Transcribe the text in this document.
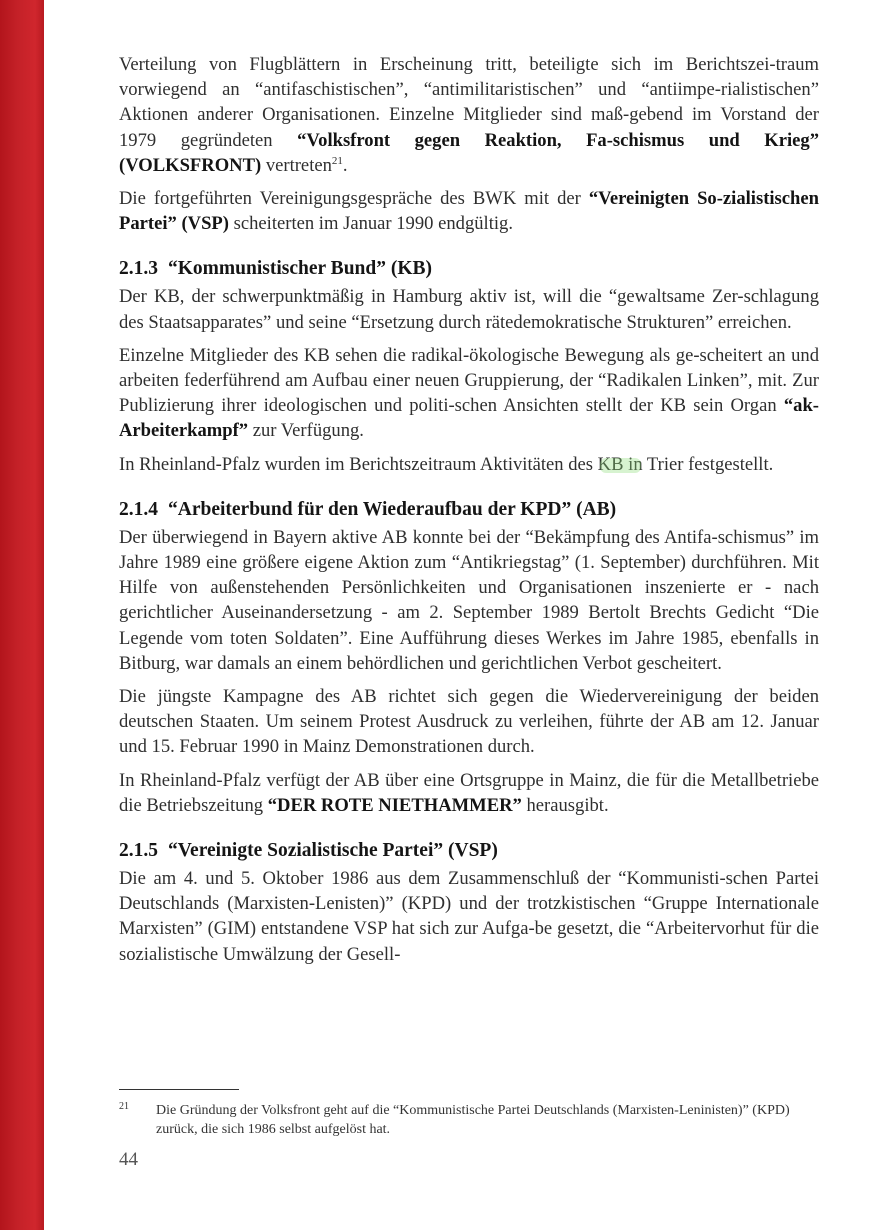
Verteilung von Flugblättern in Erscheinung tritt, beteiligte sich im Berichtszei-traum vorwiegend an “antifaschistischen”, “antimilitaristischen” und “antiimpe-rialistischen” Aktionen anderer Organisationen. Einzelne Mitglieder sind maß-gebend im Vorstand der 1979 gegründeten “Volksfront gegen Reaktion, Fa-schismus und Krieg” (VOLKSFRONT) vertreten$^{21}$.

Die fortgeführten Vereinigungsgespräche des BWK mit der “Vereinigten So-zialistischen Partei” (VSP) scheiterten im Januar 1990 endgültig.

2.1.3 “Kommunistischer Bund” (KB)

Der KB, der schwerpunktmäßig in Hamburg aktiv ist, will die “gewaltsame Zer-schlagung des Staatsapparates” und seine “Ersetzung durch rätedemokratische Strukturen” erreichen.

Einzelne Mitglieder des KB sehen die radikal-ökologische Bewegung als ge-scheitert an und arbeiten federführend am Aufbau einer neuen Gruppierung, der “Radikalen Linken”, mit. Zur Publizierung ihrer ideologischen und politi-schen Ansichten stellt der KB sein Organ “ak-Arbeiterkampf” zur Verfügung.

In Rheinland-Pfalz wurden im Berichtszeitraum Aktivitäten des KB in Trier festgestellt.

2.1.4 “Arbeiterbund für den Wiederaufbau der KPD” (AB)

Der überwiegend in Bayern aktive AB konnte bei der “Bekämpfung des Antifa-schismus” im Jahre 1989 eine größere eigene Aktion zum “Antikriegstag” (1. September) durchführen. Mit Hilfe von außenstehenden Persönlichkeiten und Organisationen inszenierte er - nach gerichtlicher Auseinandersetzung - am 2. September 1989 Bertolt Brechts Gedicht “Die Legende vom toten Soldaten”. Eine Aufführung dieses Werkes im Jahre 1985, ebenfalls in Bitburg, war damals an einem behördlichen und gerichtlichen Verbot gescheitert.

Die jüngste Kampagne des AB richtet sich gegen die Wiedervereinigung der beiden deutschen Staaten. Um seinem Protest Ausdruck zu verleihen, führte der AB am 12. Januar und 15. Februar 1990 in Mainz Demonstrationen durch.

In Rheinland-Pfalz verfügt der AB über eine Ortsgruppe in Mainz, die für die Metallbetriebe die Betriebszeitung “DER ROTE NIETHAMMER” herausgibt.

2.1.5 “Vereinigte Sozialistische Partei” (VSP)

Die am 4. und 5. Oktober 1986 aus dem Zusammenschluß der “Kommunisti-schen Partei Deutschlands (Marxisten-Lenisten)” (KPD) und der trotzkistischen “Gruppe Internationale Marxisten” (GIM) entstandene VSP hat sich zur Aufga-be gesetzt, die “Arbeitervorhut für die sozialistische Umwälzung der Gesell-

21	Die Gründung der Volksfront geht auf die “Kommunistische Partei Deutschlands (Marxisten-Leninisten)” (KPD) zurück, die sich 1986 selbst aufgelöst hat.
44
